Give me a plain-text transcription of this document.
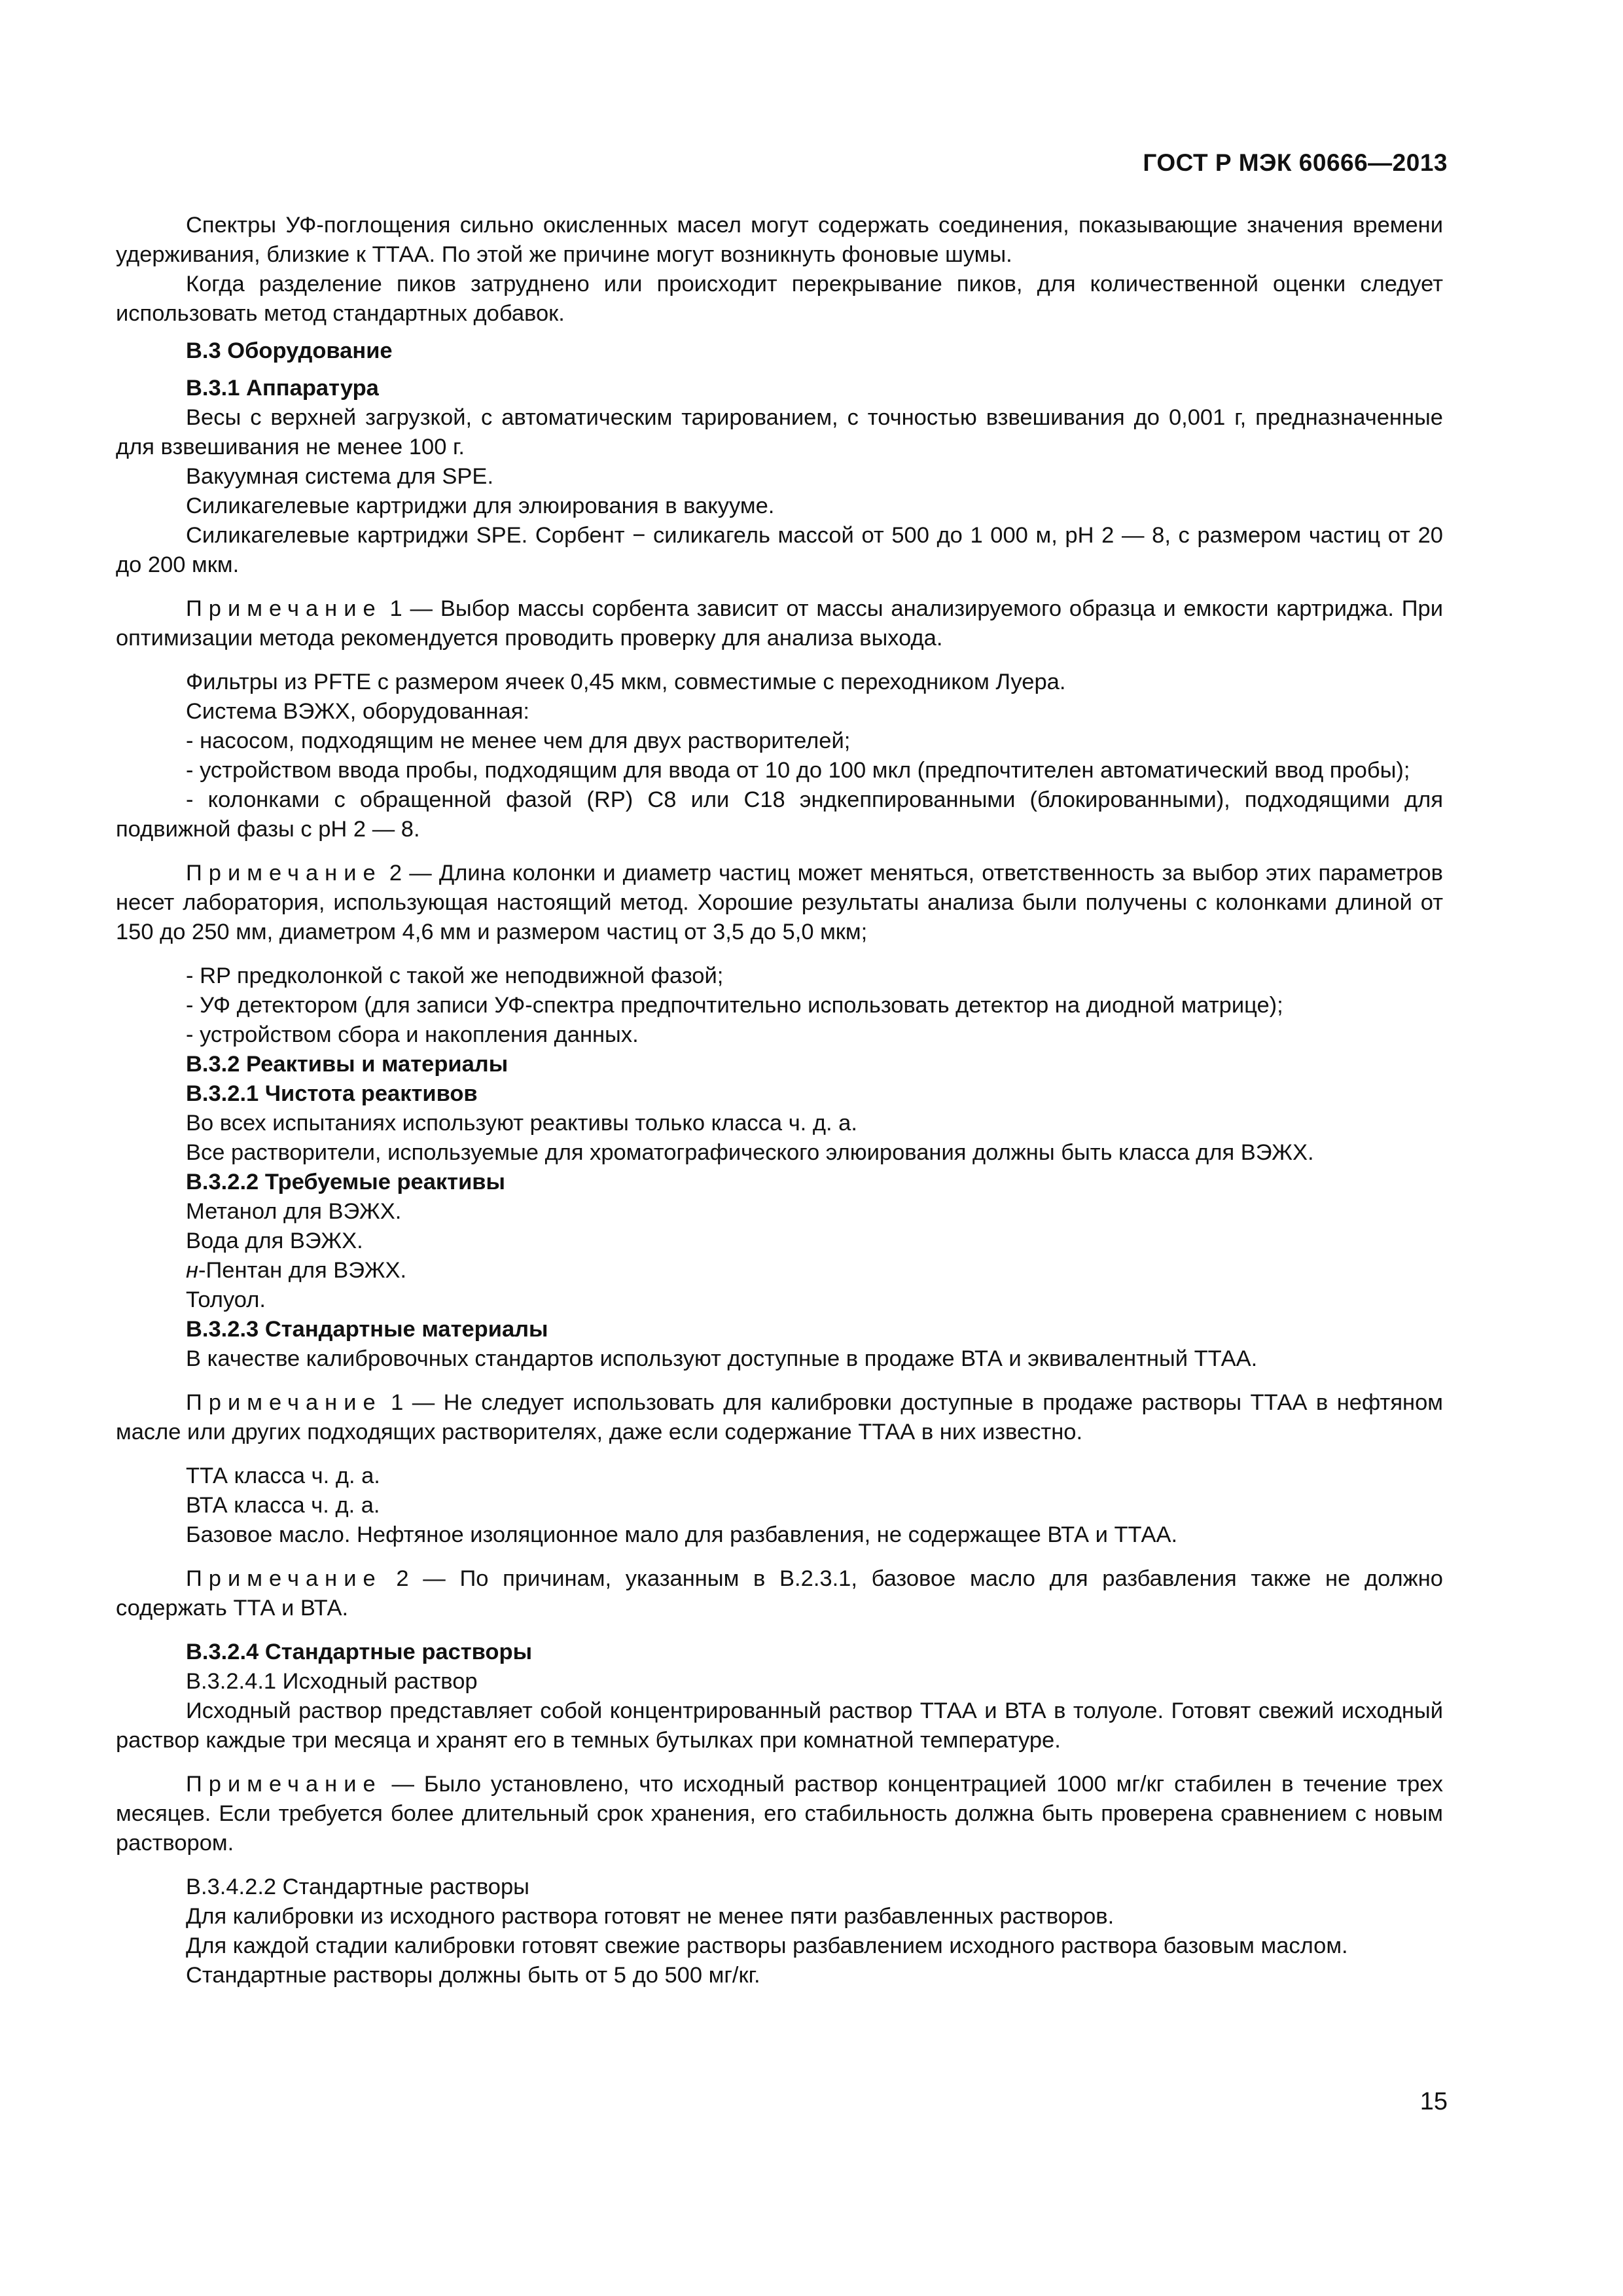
ГОСТ Р МЭК 60666—2013

Спектры УФ-поглощения сильно окисленных масел могут содержать соединения, показывающие значения времени удерживания, близкие к ТТАА. По этой же причине могут возникнуть фоновые шумы.

Когда разделение пиков затруднено или происходит перекрывание пиков, для количественной оценки следует использовать метод стандартных добавок.

В.3 Оборудование

В.3.1 Аппаратура

Весы с верхней загрузкой, с автоматическим тарированием, с точностью взвешивания до 0,001 г, предназначенные для взвешивания не менее 100 г.

Вакуумная система для SPE.

Силикагелевые картриджи для элюирования в вакууме.

Силикагелевые картриджи SPE. Сорбент − силикагель массой от 500 до 1 000 м, рН 2 — 8, с размером частиц от 20 до 200 мкм.

Примечание 1 — Выбор массы сорбента зависит от массы анализируемого образца и емкости картриджа. При оптимизации метода рекомендуется проводить проверку для анализа выхода.

Фильтры из PFTE с размером ячеек 0,45 мкм, совместимые с переходником Луера.

Система ВЭЖХ, оборудованная:

- насосом, подходящим не менее чем для двух растворителей;

- устройством ввода пробы, подходящим для ввода от 10 до 100 мкл (предпочтителен автоматический ввод пробы);

- колонками с обращенной фазой (RP) С8 или С18 эндкеппированными (блокированными), подходящими для подвижной фазы с рН 2 — 8.

Примечание 2 — Длина колонки и диаметр частиц может меняться, ответственность за выбор этих параметров несет лаборатория, использующая настоящий метод. Хорошие результаты анализа были получены с колонками длиной от 150 до 250 мм, диаметром 4,6 мм и размером частиц от 3,5 до 5,0 мкм;

- RP предколонкой с такой же неподвижной фазой;

- УФ детектором (для записи УФ-спектра предпочтительно использовать детектор на диодной матрице);

- устройством сбора и накопления данных.

В.3.2 Реактивы и материалы

В.3.2.1 Чистота реактивов

Во всех испытаниях используют реактивы только класса ч. д. а.

Все растворители, используемые для хроматографического элюирования должны быть класса для ВЭЖХ.

В.3.2.2 Требуемые реактивы

Метанол для ВЭЖХ.

Вода для ВЭЖХ.

н-Пентан для ВЭЖХ.

Толуол.

В.3.2.3 Стандартные материалы

В качестве калибровочных стандартов используют доступные в продаже ВТА и эквивалентный ТТАА.

Примечание 1 — Не следует использовать для калибровки доступные в продаже растворы ТТАА в нефтяном масле или других подходящих растворителях, даже если содержание ТТАА в них известно.

ТТА класса ч. д. а.

ВТА класса ч. д. а.

Базовое масло. Нефтяное изоляционное мало для разбавления, не содержащее ВТА и ТТАА.

Примечание 2 — По причинам, указанным в В.2.3.1, базовое масло для разбавления также не должно содержать ТТА и ВТА.

В.3.2.4 Стандартные растворы

В.3.2.4.1 Исходный раствор

Исходный раствор представляет собой концентрированный раствор ТТАА и ВТА в толуоле. Готовят свежий исходный раствор каждые три месяца и хранят его в темных бутылках при комнатной температуре.

Примечание — Было установлено, что исходный раствор концентрацией 1000 мг/кг стабилен в течение трех месяцев. Если требуется более длительный срок хранения, его стабильность должна быть проверена сравнением с новым раствором.

В.3.4.2.2 Стандартные растворы

Для калибровки из исходного раствора готовят не менее пяти разбавленных растворов.

Для каждой стадии калибровки готовят свежие растворы разбавлением исходного раствора базовым маслом.

Стандартные растворы должны быть от 5 до 500 мг/кг.

15
